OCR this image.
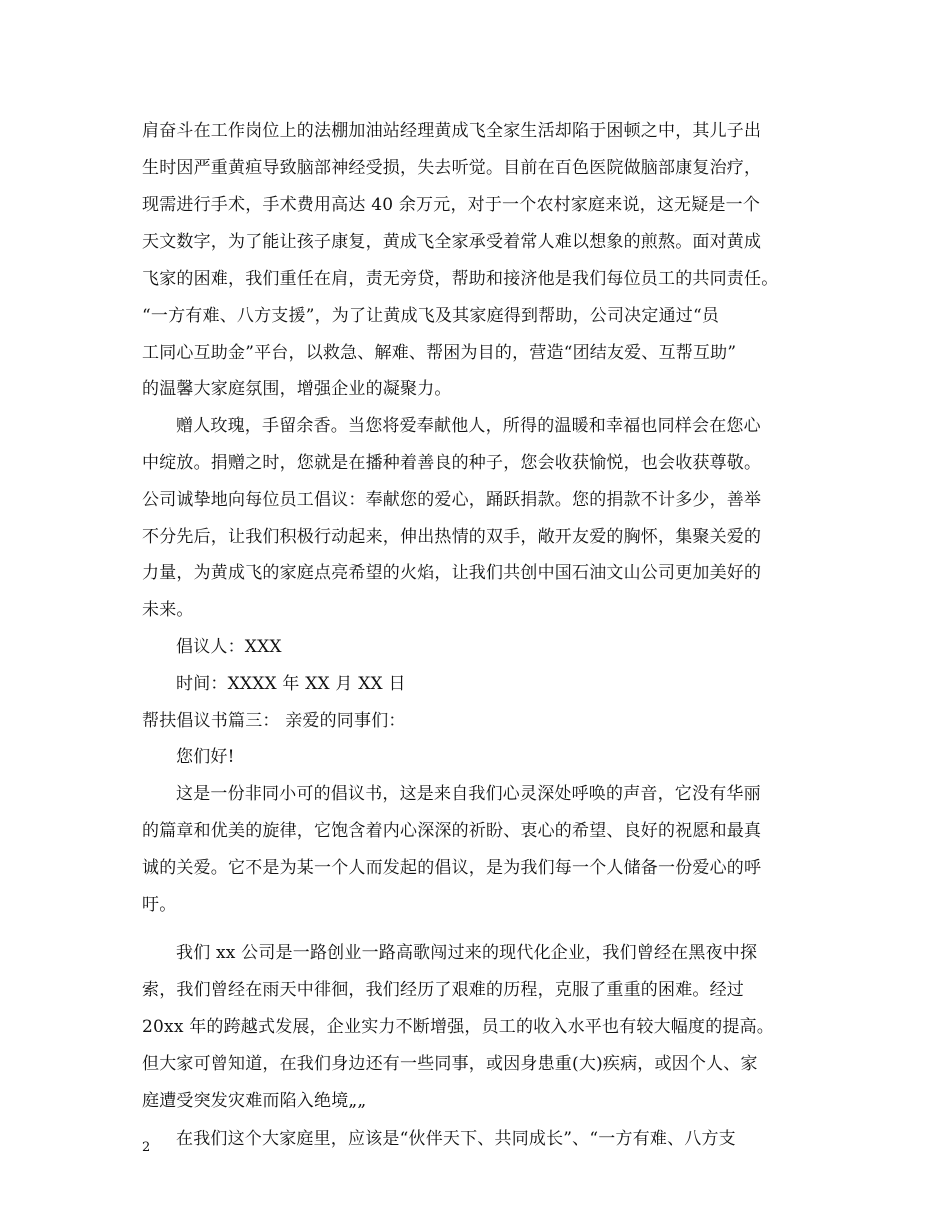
肩奋斗在工作岗位上的法棚加油站经理黄成飞全家生活却陷于困顿之中，其儿子出
生时因严重黄疸导致脑部神经受损，失去听觉。目前在百色医院做脑部康复治疗，
现需进行手术，手术费用高达 40 余万元，对于一个农村家庭来说，这无疑是一个
天文数字，为了能让孩子康复，黄成飞全家承受着常人难以想象的煎熬。面对黄成
飞家的困难，我们重任在肩，责无旁贷，帮助和接济他是我们每位员工的共同责任。
“一方有难、八方支援”，为了让黄成飞及其家庭得到帮助，公司决定通过“员
工同心互助金”平台，以救急、解难、帮困为目的，营造“团结友爱、互帮互助”
的温馨大家庭氛围，增强企业的凝聚力。
赠人玫瑰，手留余香。当您将爱奉献他人，所得的温暖和幸福也同样会在您心
中绽放。捐赠之时，您就是在播种着善良的种子，您会收获愉悦，也会收获尊敬。
公司诚挚地向每位员工倡议：奉献您的爱心，踊跃捐款。您的捐款不计多少，善举
不分先后，让我们积极行动起来，伸出热情的双手，敞开友爱的胸怀，集聚关爱的
力量，为黄成飞的家庭点亮希望的火焰，让我们共创中国石油文山公司更加美好的
未来。
倡议人：XXX
时间：XXXX 年 XX 月 XX 日
帮扶倡议书篇三： 亲爱的同事们：
您们好!
这是一份非同小可的倡议书，这是来自我们心灵深处呼唤的声音，它没有华丽
的篇章和优美的旋律，它饱含着内心深深的祈盼、衷心的希望、良好的祝愿和最真
诚的关爱。它不是为某一个人而发起的倡议，是为我们每一个人储备一份爱心的呼
吁。
我们 xx 公司是一路创业一路高歌闯过来的现代化企业，我们曾经在黑夜中探
索，我们曾经在雨天中徘徊，我们经历了艰难的历程，克服了重重的困难。经过
20xx 年的跨越式发展，企业实力不断增强，员工的收入水平也有较大幅度的提高。
但大家可曾知道，在我们身边还有一些同事，或因身患重(大)疾病，或因个人、家
庭遭受突发灾难而陷入绝境„„
在我们这个大家庭里，应该是“伙伴天下、共同成长”、“一方有难、八方支
2
